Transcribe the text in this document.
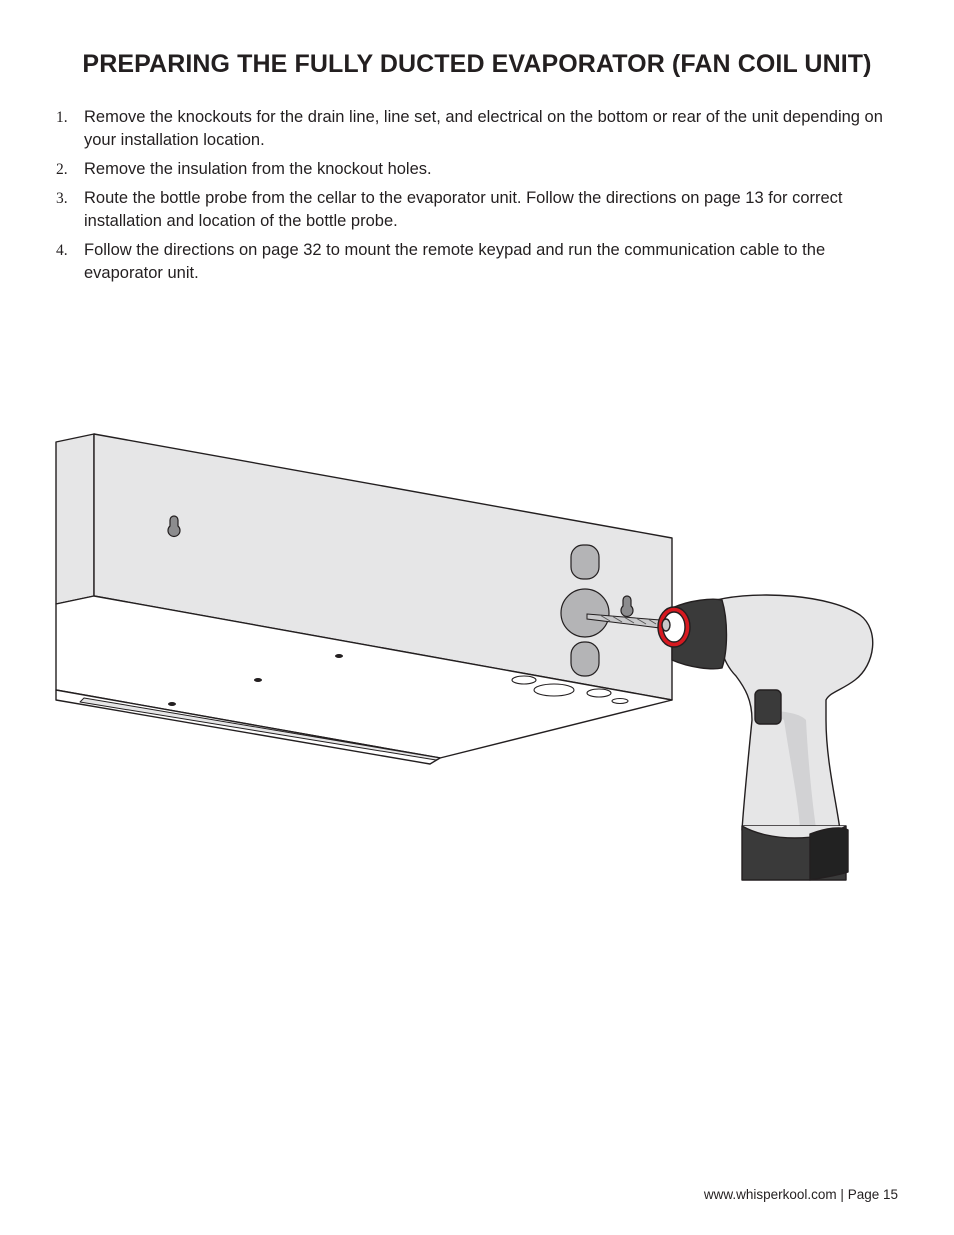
PREPARING THE FULLY DUCTED EVAPORATOR (FAN COIL UNIT)
1. Remove the knockouts for the drain line, line set, and electrical on the bottom or rear of the unit depending on your installation location.
2. Remove the insulation from the knockout holes.
3. Route the bottle probe from the cellar to the evaporator unit. Follow the directions on page 13 for correct installation and location of the bottle probe.
4. Follow the directions on page 32 to mount the remote keypad and run the communication cable to the evaporator unit.
www.whisperkool.com | Page 15
